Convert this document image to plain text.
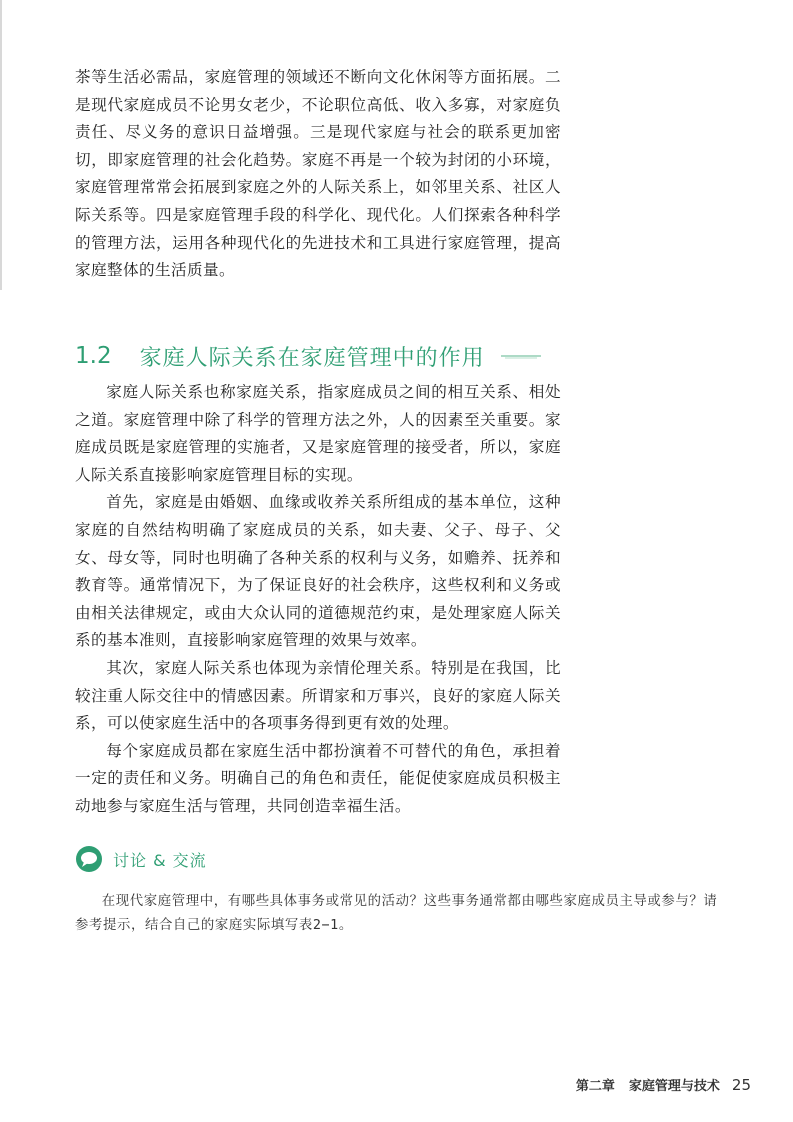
茶等生活必需品，家庭管理的领域还不断向文化休闲等方面拓展。二是现代家庭成员不论男女老少，不论职位高低、收入多寡，对家庭负责任、尽义务的意识日益增强。三是现代家庭与社会的联系更加密切，即家庭管理的社会化趋势。家庭不再是一个较为封闭的小环境，家庭管理常常会拓展到家庭之外的人际关系上，如邻里关系、社区人际关系等。四是家庭管理手段的科学化、现代化。人们探索各种科学的管理方法，运用各种现代化的先进技术和工具进行家庭管理，提高家庭整体的生活质量。

1.2 家庭人际关系在家庭管理中的作用

家庭人际关系也称家庭关系，指家庭成员之间的相互关系、相处之道。家庭管理中除了科学的管理方法之外，人的因素至关重要。家庭成员既是家庭管理的实施者，又是家庭管理的接受者，所以，家庭人际关系直接影响家庭管理目标的实现。

首先，家庭是由婚姻、血缘或收养关系所组成的基本单位，这种家庭的自然结构明确了家庭成员的关系，如夫妻、父子、母子、父女、母女等，同时也明确了各种关系的权利与义务，如赡养、抚养和教育等。通常情况下，为了保证良好的社会秩序，这些权利和义务或由相关法律规定，或由大众认同的道德规范约束，是处理家庭人际关系的基本准则，直接影响家庭管理的效果与效率。

其次，家庭人际关系也体现为亲情伦理关系。特别是在我国，比较注重人际交往中的情感因素。所谓家和万事兴，良好的家庭人际关系，可以使家庭生活中的各项事务得到更有效的处理。

每个家庭成员都在家庭生活中都扮演着不可替代的角色，承担着一定的责任和义务。明确自己的角色和责任，能促使家庭成员积极主动地参与家庭生活与管理，共同创造幸福生活。

讨论 & 交流

在现代家庭管理中，有哪些具体事务或常见的活动？这些事务通常都由哪些家庭成员主导或参与？请参考提示，结合自己的家庭实际填写表2−1。

第二章 家庭管理与技术 25
